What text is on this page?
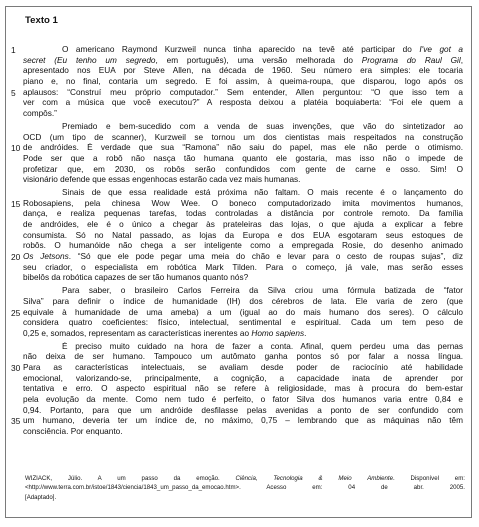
Texto 1
1	O americano Raymond Kurzweil nunca tinha aparecido na tevê até participar do I've got a
secret (Eu tenho um segredo, em português), uma versão melhorada do Programa do Raul Gil,
apresentado nos EUA por Steve Allen, na década de 1960. Seu número era simples: ele tocaria
piano e, no final, contaria um segredo. E foi assim, à queima-roupa, que disparou, logo após os
5 aplausos: “Construí meu próprio computador.” Sem entender, Allen perguntou: “O que isso tem a
ver com a música que você executou?” A resposta deixou a platéia boquiaberta: “Foi ele quem a
compôs.”
Premiado e bem-sucedido com a venda de suas invenções, que vão do sintetizador ao
OCD (um tipo de scanner), Kurzweil se tornou um dos cientistas mais respeitados na construção
10 de andróides. É verdade que sua “Ramona” não saiu do papel, mas ele não perde o otimismo.
Pode ser que a robô não nasça tão humana quanto ele gostaria, mas isso não o impede de
profetizar que, em 2030, os robôs serão confundidos com gente de carne e osso. Sim! O
visionário defende que essas engenhocas estarão cada vez mais humanas.
Sinais de que essa realidade está próxima não faltam. O mais recente é o lançamento do
15 Robosapiens, pela chinesa Wow Wee. O boneco computadorizado imita movimentos humanos,
dança, e realiza pequenas tarefas, todas controladas a distância por controle remoto. Da família
de andróides, ele é o único a chegar às prateleiras das lojas, o que ajuda a explicar a febre
consumista. Só no Natal passado, as lojas da Europa e dos EUA esgotaram seus estoques de
robôs. O humanóide não chega a ser inteligente como a empregada Rosie, do desenho animado
20 Os Jetsons. “Só que ele pode pegar uma meia do chão e levar para o cesto de roupas sujas”, diz
seu criador, o especialista em robótica Mark Tilden. Para o começo, já vale, mas serão esses
bibelôs da robótica capazes de ser tão humanos quanto nós?
Para saber, o brasileiro Carlos Ferreira da Silva criou uma fórmula batizada de “fator
Silva” para definir o índice de humanidade (IH) dos cérebros de lata. Ele varia de zero (que
25 equivale à humanidade de uma ameba) a um (igual ao do mais humano dos seres). O cálculo
considera quatro coeficientes: físico, intelectual, sentimental e espiritual. Cada um tem peso de
0,25 e, somados, representam as características inerentes ao Homo sapiens.
É preciso muito cuidado na hora de fazer a conta. Afinal, quem perdeu uma das pernas
não deixa de ser humano. Tampouco um autômato ganha pontos só por falar a nossa língua.
30 Para as características intelectuais, se avaliam desde poder de raciocínio até habilidade
emocional, valorizando-se, principalmente, a cognição, a capacidade inata de aprender por
tentativa e erro. O aspecto espiritual não se refere à religiosidade, mas à procura do bem-estar
pela evolução da mente. Como nem tudo é perfeito, o fator Silva dos humanos varia entre 0,84 e
0,94. Portanto, para que um andróide desfilasse pelas avenidas a ponto de ser confundido com
35 um humano, deveria ter um índice de, no máximo, 0,75 – lembrando que as máquinas não têm
consciência. Por enquanto.
WIZIACK, Júlio. A um passo da emoção. Ciência, Tecnologia & Meio Ambiente. Disponível em:
<http://www.terra.com.br/istoe/1843/ciencia/1843_um_passo_da_emocao.htm>. Acesso em: 04 de abr. 2005.
[Adaptado].
